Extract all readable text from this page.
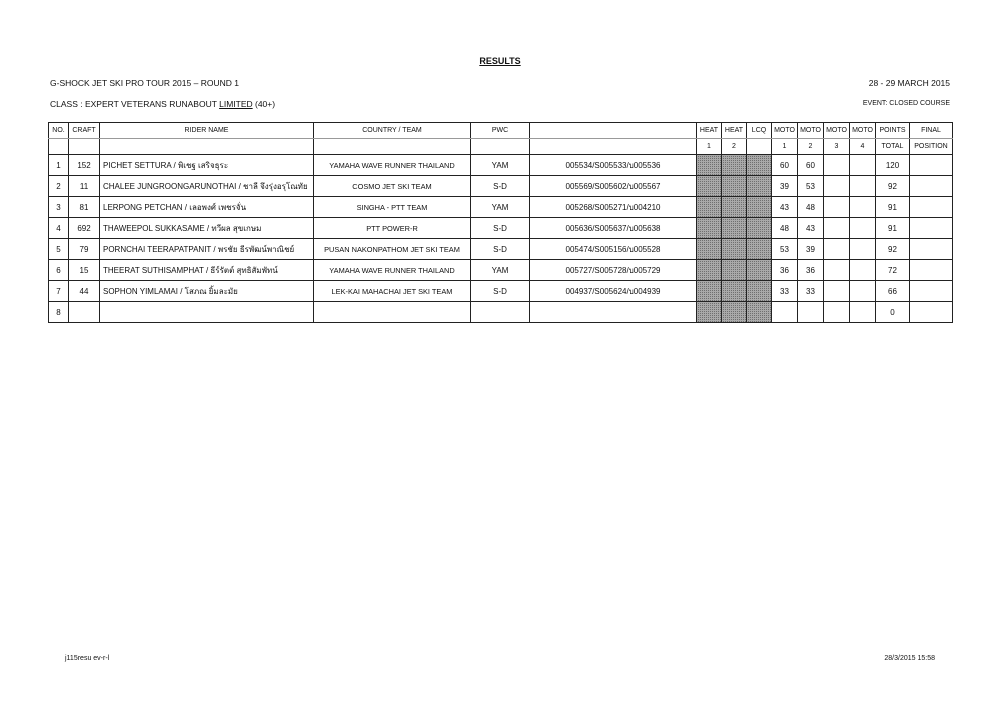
RESULTS
G-SHOCK JET SKI PRO TOUR 2015 – ROUND 1	28 - 29 MARCH 2015
CLASS : EXPERT VETERANS RUNABOUT LIMITED (40+)	EVENT: CLOSED COURSE
NO.	CRAFT	RIDER NAME	COUNTRY / TEAM	PWC		HEAT	HEAT	LCQ	MOTO	MOTO	MOTO	MOTO	POINTS	FINAL
						1	2		1	2	3	4	TOTAL	POSITION
1	152	PICHET SETTURA / พิเชฐ เสริจธุระ	YAMAHA WAVE RUNNER THAILAND	YAM	005534/S005533/บ005536				60	60			120	
2	11	CHALEE JUNGROONGARUNOTHAI / ชาลี จึงรุ่งอรุโณทัย	COSMO JET SKI TEAM	S-D	005569/S005602/บ005567				39	53			92	
3	81	LERPONG PETCHAN / เลอพงศ์ เพชรจั่น	SINGHA - PTT TEAM	YAM	005268/S005271/บ004210				43	48			91	
4	692	THAWEEPOL SUKKASAME / ทวีผล สุขเกษม	PTT POWER-R	S-D	005636/S005637/บ005638				48	43			91	
5	79	PORNCHAI TEERAPATPANIT / พรชัย ธีรพัฒน์พาณิชย์	PUSAN NAKONPATHOM JET SKI TEAM	S-D	005474/S005156/บ005528				53	39			92	
6	15	THEERAT SUTHISAMPHAT / ธีร์รัตต์ สุทธิสัมพัทน์	YAMAHA WAVE RUNNER THAILAND	YAM	005727/S005728/บ005729				36	36			72	
7	44	SOPHON YIMLAMAI / โสภณ ยิ้มละมัย	LEK-KAI MAHACHAI JET SKI TEAM	S-D	004937/S005624/บ004939				33	33			66	
8													0	
j115resu ev-r-l	28/3/2015 15:58
